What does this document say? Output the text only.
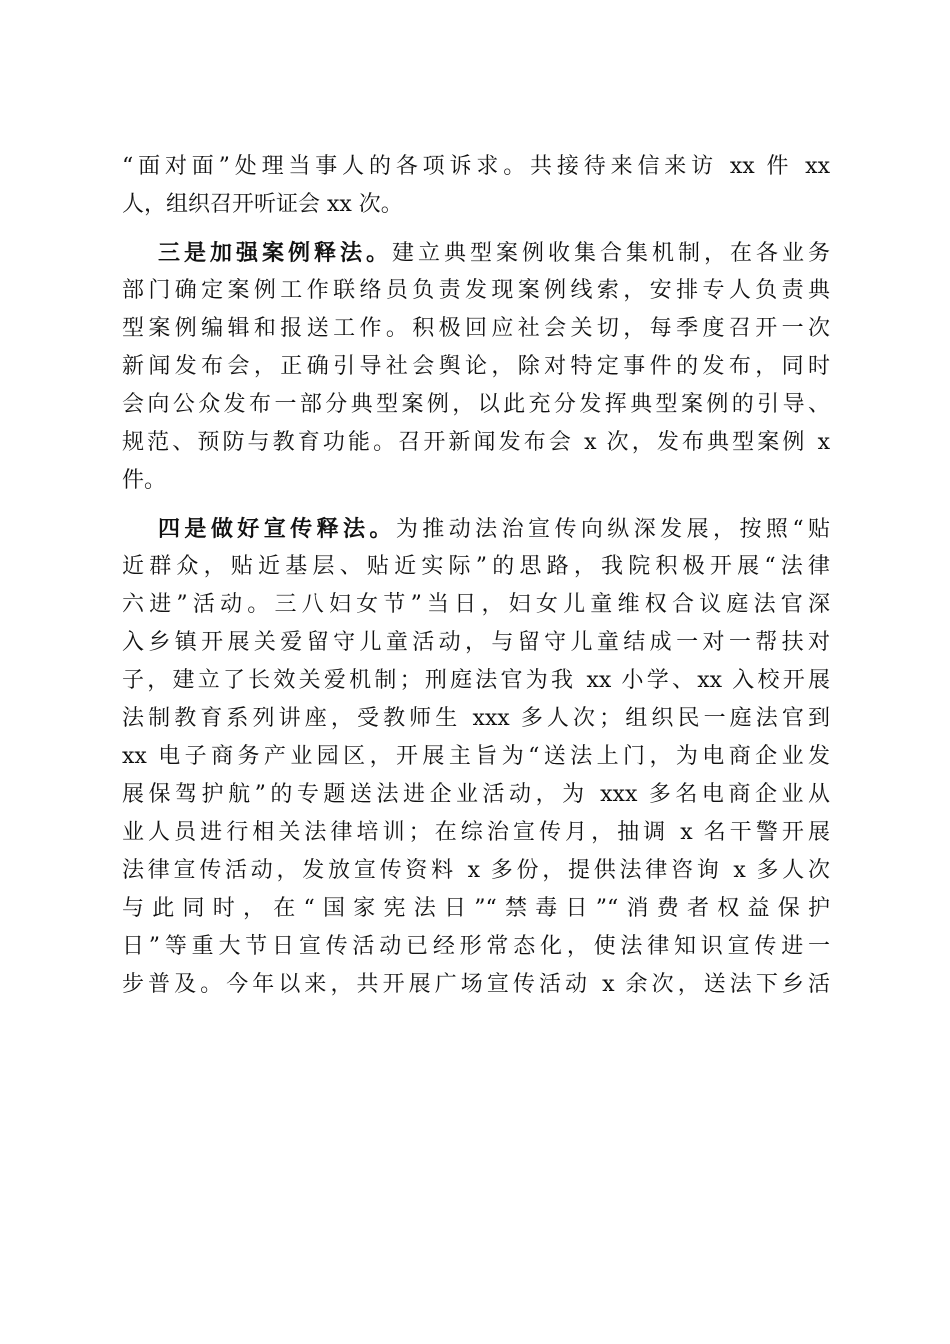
“面对面”处理当事人的各项诉求。共接待来信来访 xx 件 xx
人，组织召开听证会 xx 次。
三是加强案例释法。建立典型案例收集合集机制，在各业务
部门确定案例工作联络员负责发现案例线索，安排专人负责典
型案例编辑和报送工作。积极回应社会关切，每季度召开一次
新闻发布会，正确引导社会舆论，除对特定事件的发布，同时
会向公众发布一部分典型案例，以此充分发挥典型案例的引导、
规范、预防与教育功能。召开新闻发布会 x 次，发布典型案例 x
件。
四是做好宣传释法。为推动法治宣传向纵深发展，按照“贴
近群众，贴近基层、贴近实际”的思路，我院积极开展“法律
六进”活动。三八妇女节”当日，妇女儿童维权合议庭法官深
入乡镇开展关爱留守儿童活动，与留守儿童结成一对一帮扶对
子，建立了长效关爱机制；刑庭法官为我 xx 小学、xx 入校开展
法制教育系列讲座，受教师生 xxx 多人次；组织民一庭法官到
xx 电子商务产业园区，开展主旨为“送法上门，为电商企业发
展保驾护航”的专题送法进企业活动，为 xxx 多名电商企业从
业人员进行相关法律培训；在综治宣传月，抽调 x 名干警开展
法律宣传活动，发放宣传资料 x 多份，提供法律咨询 x 多人次
与此同时，在“国家宪法日”“禁毒日”“消费者权益保护
日”等重大节日宣传活动已经形常态化，使法律知识宣传进一
步普及。今年以来，共开展广场宣传活动 x 余次，送法下乡活
